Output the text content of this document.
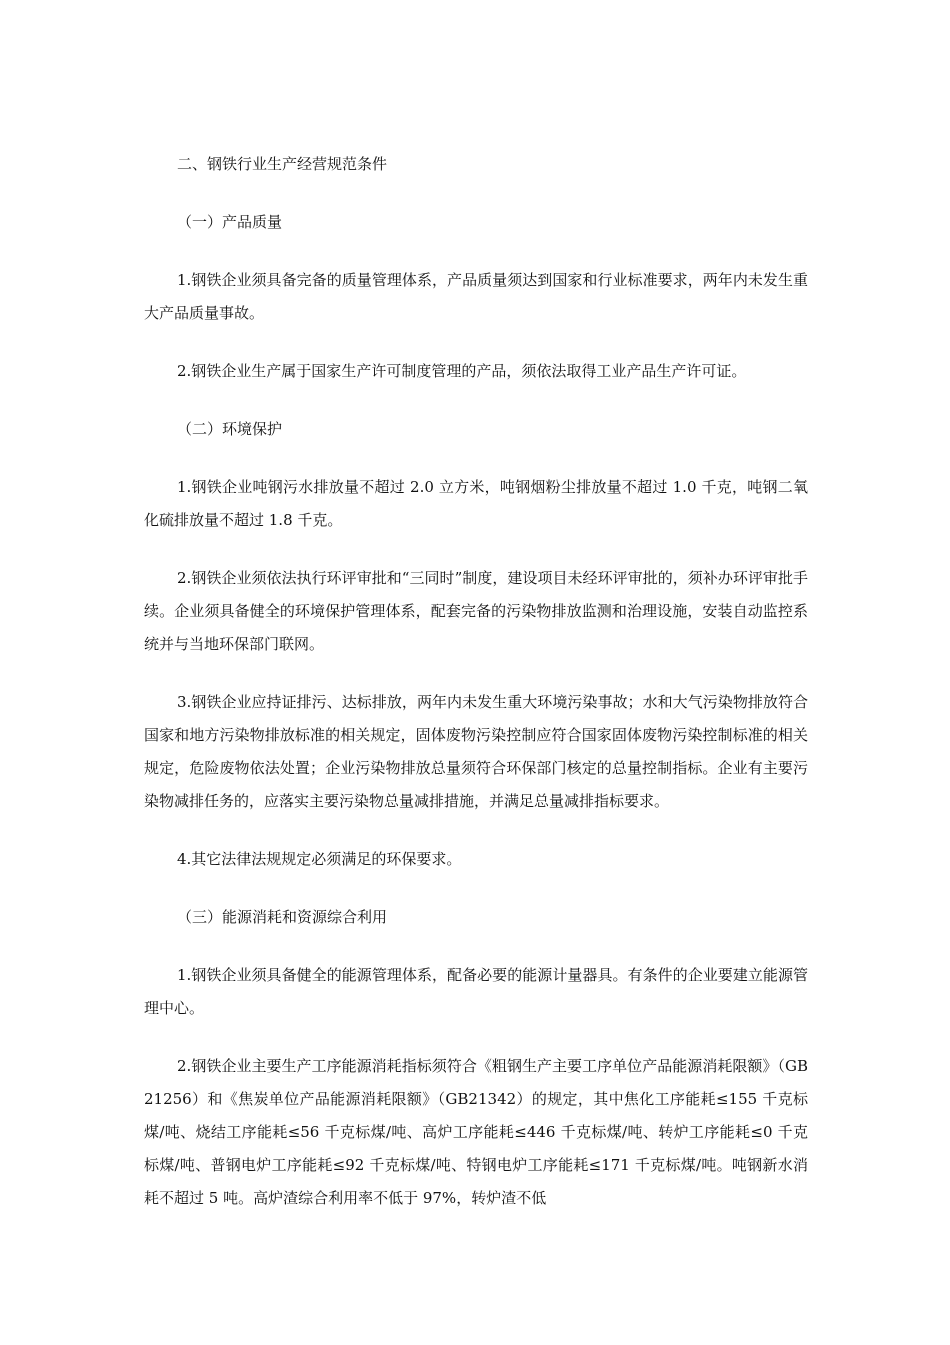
二、钢铁行业生产经营规范条件
（一）产品质量

1.钢铁企业须具备完备的质量管理体系，产品质量须达到国家和行业标准要求，两年内未发生重大产品质量事故。

2.钢铁企业生产属于国家生产许可制度管理的产品，须依法取得工业产品生产许可证。

（二）环境保护

1.钢铁企业吨钢污水排放量不超过 2.0 立方米，吨钢烟粉尘排放量不超过 1.0 千克，吨钢二氧化硫排放量不超过 1.8 千克。

2.钢铁企业须依法执行环评审批和“三同时”制度，建设项目未经环评审批的，须补办环评审批手续。企业须具备健全的环境保护管理体系，配套完备的污染物排放监测和治理设施，安装自动监控系统并与当地环保部门联网。

3.钢铁企业应持证排污、达标排放，两年内未发生重大环境污染事故；水和大气污染物排放符合国家和地方污染物排放标准的相关规定，固体废物污染控制应符合国家固体废物污染控制标准的相关规定，危险废物依法处置；企业污染物排放总量须符合环保部门核定的总量控制指标。企业有主要污染物减排任务的，应落实主要污染物总量减排措施，并满足总量减排指标要求。

4.其它法律法规规定必须满足的环保要求。

（三）能源消耗和资源综合利用

1.钢铁企业须具备健全的能源管理体系，配备必要的能源计量器具。有条件的企业要建立能源管理中心。

2.钢铁企业主要生产工序能源消耗指标须符合《粗钢生产主要工序单位产品能源消耗限额》（GB21256）和《焦炭单位产品能源消耗限额》（GB21342）的规定，其中焦化工序能耗≤155 千克标煤/吨、烧结工序能耗≤56 千克标煤/吨、高炉工序能耗≤446 千克标煤/吨、转炉工序能耗≤0 千克标煤/吨、普钢电炉工序能耗≤92 千克标煤/吨、特钢电炉工序能耗≤171 千克标煤/吨。吨钢新水消耗不超过 5 吨。高炉渣综合利用率不低于 97%，转炉渣不低
